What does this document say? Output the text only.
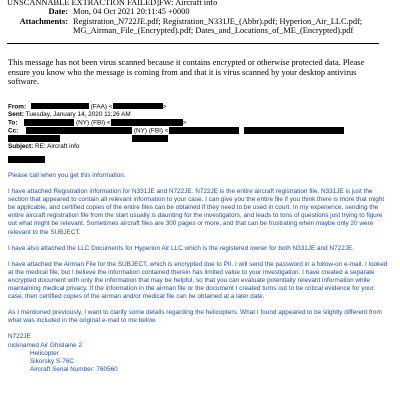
UNSCANNABLE EXTRACTION FAILED]FW: Aircraft info
Date: Mon, 04 Oct 2021 20:11:45 +0000
Attachments: Registration_N722JE.pdf; Registration_N331JE_(Abbr).pdf; Hyperion_Air_LLC.pdf;
MG_Airman_File_(Encrypted).pdf; Dates_and_Locations_of_ME_(Encrypted).pdf
This message has not been virus scanned because it contains encrypted or otherwise protected data. Please ensure you know who the message is coming from and that it is virus scanned by your desktop antivirus software.
From:	(FAA) <	>
Sent: Tuesday, January 14, 2020 11:26 AM
To:	(NY) (FBI) <	>
Cc:	(NY) (FBI) <

Subject: RE: Aircraft info

Please call when you get this information.

I have attached Registration information for N331JE and N722JE. N722JE is the entire aircraft registration file. N331JE is just the section that appeared to contain all relevant information to your case. I can give you the entire file if you think there is more that might be applicable, and certified copies of the entire files can be obtained if they need to be used in court. In my experience, sending the entire aircraft registration file from the start usually is daunting for the investigators, and leads to tons of questions just trying to figure out what might be relevant. Sometimes aircraft files are 300 pages or more, and that can be frustrating when maybe only 20 were relevant to the SUBJECT.

I have also attached the LLC Documents for Hyperion Air LLC which is the registered owner for both N331JE and N722JE.

I have attached the Airman File for the SUBJECT, which is encrypted due to PII. I will send the password in a follow-on e-mail. I looked at the medical file, but I believe the information contained therein has limited value to your investigation. I have created a separate encrypted document with only the information that may be helpful, so that you can evaluate potentially relevant information while maintaining medical privacy. If the information in the airman file or the document I created turns out to be critical evidence for your case, then certified copies of the airman and/or medical file can be obtained at a later date.

As I mentioned previously, I want to clarify some details regarding the helicopters. What I found appeared to be slightly different from what was included in the original e-mail to me below.

N722JE
nicknamed Air Ghislaine 2
Helicopter
Sikorsky S-76C
Aircraft Serial Number: 760560
